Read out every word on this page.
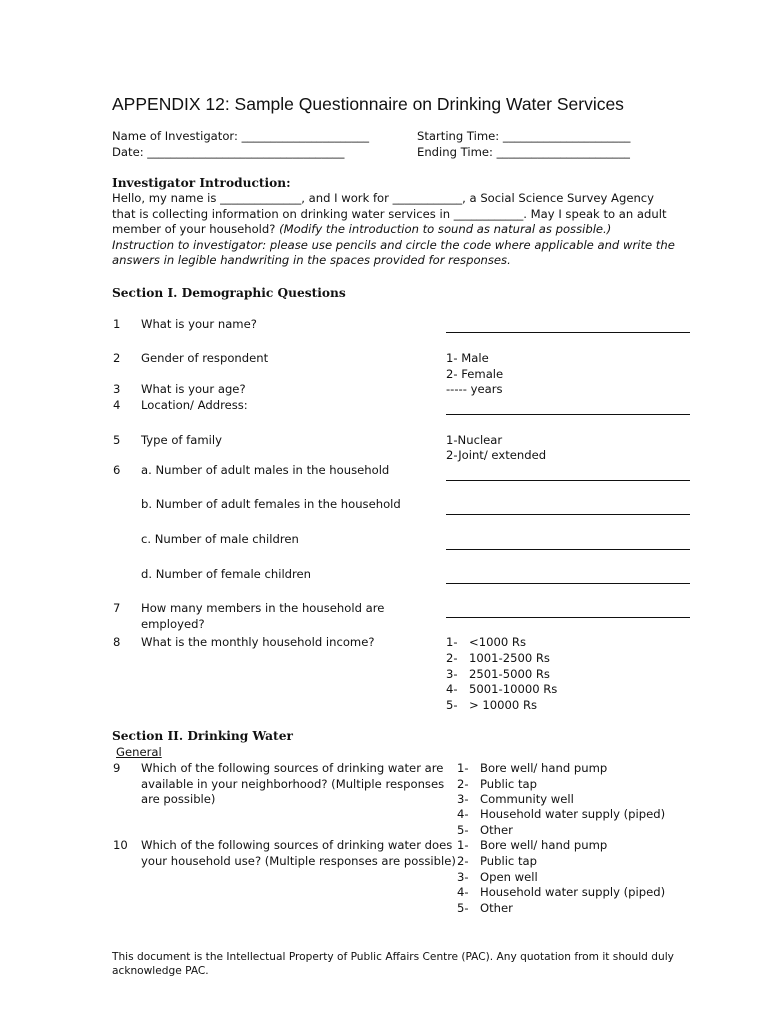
APPENDIX 12: Sample Questionnaire on Drinking Water Services
Name of Investigator: ______________________
Date: __________________________________
Starting Time: ______________________
Ending Time: _______________________
Investigator Introduction:
Hello, my name is ______________, and I work for ____________, a Social Science Survey Agency
that is collecting information on drinking water services in ____________. May I speak to an adult
member of your household? (Modify the introduction to sound as natural as possible.)
Instruction to investigator: please use pencils and circle the code where applicable and write the
answers in legible handwriting in the spaces provided for responses.
Section I. Demographic Questions
1 What is your name?
2 Gender of respondent	1- Male
2- Female
3 What is your age?	----- years
4 Location/ Address:
5 Type of family	1-Nuclear
2-Joint/ extended
6 a. Number of adult males in the household
b. Number of adult females in the household
c. Number of male children
d. Number of female children
7 How many members in the household are
employed?
8 What is the monthly household income?	1- <1000 Rs
2- 1001-2500 Rs
3- 2501-5000 Rs
4- 5001-10000 Rs
5- > 10000 Rs
Section II. Drinking Water
General
9 Which of the following sources of drinking water are
available in your neighborhood? (Multiple responses
are possible)
1- Bore well/ hand pump
2- Public tap
3- Community well
4- Household water supply (piped)
5- Other
10 Which of the following sources of drinking water does
your household use? (Multiple responses are possible)
1- Bore well/ hand pump
2- Public tap
3- Open well
4- Household water supply (piped)
5- Other
This document is the Intellectual Property of Public Affairs Centre (PAC). Any quotation from it should duly
acknowledge PAC.
